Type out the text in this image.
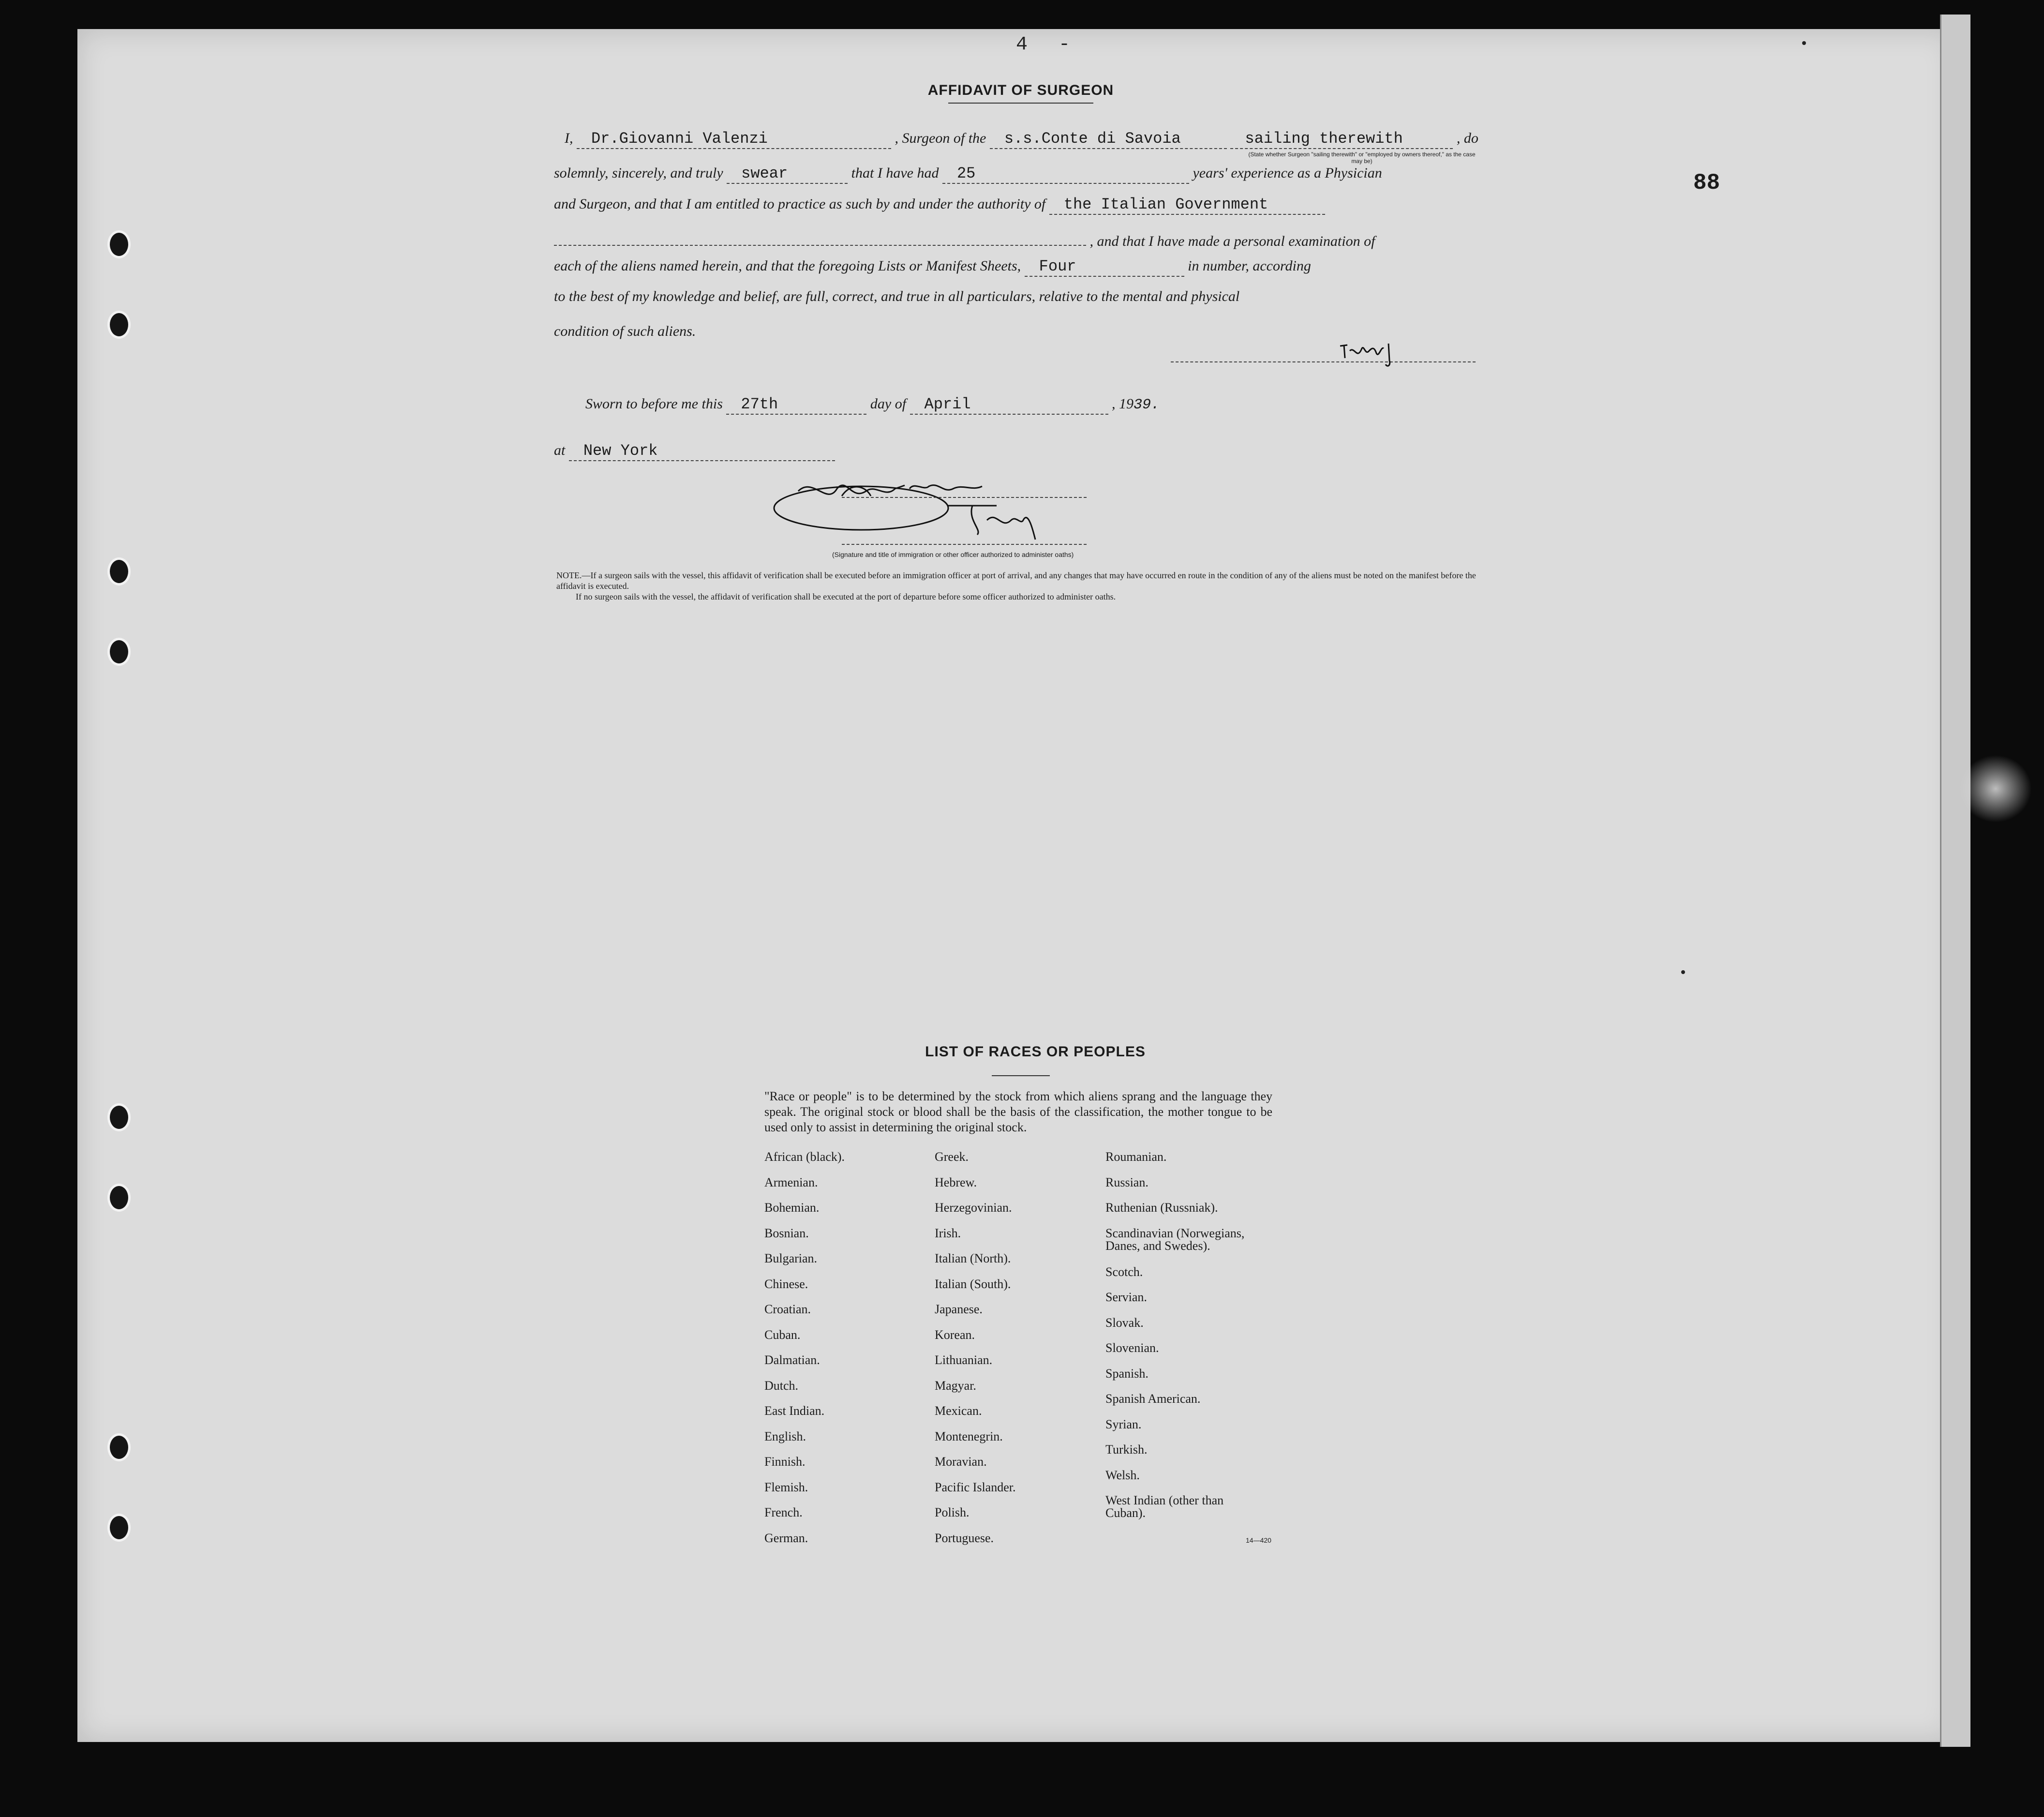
4 -
88
AFFIDAVIT OF SURGEON
I, Dr.Giovanni Valenzi	, Surgeon of the s.s.Conte di Savoia	sailing therewith	, do
(State whether Surgeon "sailing therewith" or "employed by owners thereof," as the case may be)
solemnly, sincerely, and truly swear	that I have had 25	years' experience as a Physician
and Surgeon, and that I am entitled to practice as such by and under the authority of the Italian Government
, and that I have made a personal examination of
each of the aliens named herein, and that the foregoing Lists or Manifest Sheets, Four	in number, according
to the best of my knowledge and belief, are full, correct, and true in all particulars, relative to the mental and physical
condition of such aliens.
Sworn to before me this 27th	day of April	, 1939.
at New York
(Signature and title of immigration or other officer authorized to administer oaths)

NOTE.—If a surgeon sails with the vessel, this affidavit of verification shall be executed before an immigration officer at port of arrival, and any changes that may have occurred en route in the condition of any of the aliens must be noted on the manifest before the affidavit is executed.

If no surgeon sails with the vessel, the affidavit of verification shall be executed at the port of departure before some officer authorized to administer oaths.

LIST OF RACES OR PEOPLES
"Race or people" is to be determined by the stock from which aliens sprang and the language they speak. The original stock or blood shall be the basis of the classification, the mother tongue to be used only to assist in determining the original stock.
African (black).
Armenian.
Bohemian.
Bosnian.
Bulgarian.
Chinese.
Croatian.
Cuban.
Dalmatian.
Dutch.
East Indian.
English.
Finnish.
Flemish.
French.
German.
Greek.
Hebrew.
Herzegovinian.
Irish.
Italian (North).
Italian (South).
Japanese.
Korean.
Lithuanian.
Magyar.
Mexican.
Montenegrin.
Moravian.
Pacific Islander.
Polish.
Portuguese.
Roumanian.
Russian.
Ruthenian (Russniak).
Scandinavian (Norwegians, Danes, and Swedes).
Scotch.
Servian.
Slovak.
Slovenian.
Spanish.
Spanish American.
Syrian.
Turkish.
Welsh.
West Indian (other than Cuban).
14—420
